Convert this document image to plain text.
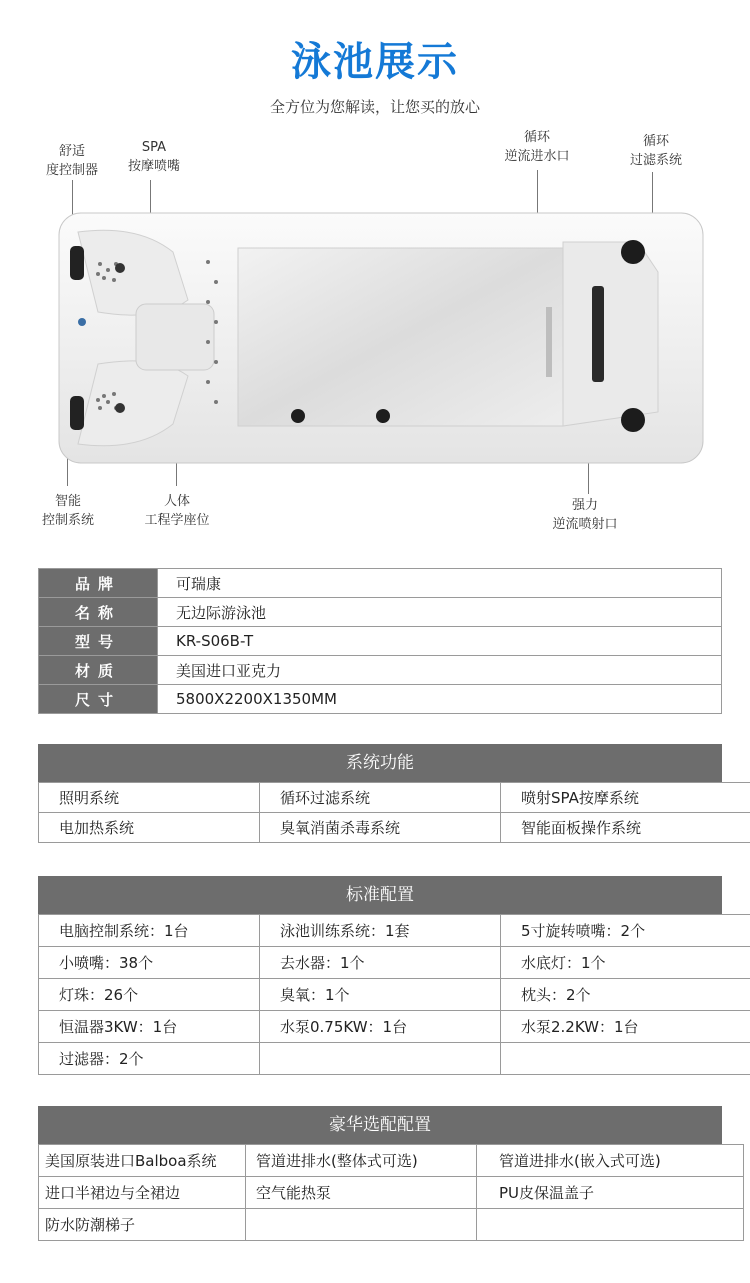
泳池展示
全方位为您解读，让您买的放心
舒适
度控制器
SPA
按摩喷嘴
循环
逆流进水口
循环
过滤系统
智能
控制系统
人体
工程学座位
强力
逆流喷射口
品牌	可瑞康
名称	无边际游泳池
型号	KR-S06B-T
材质	美国进口亚克力
尺寸	5800X2200X1350MM
系统功能
照明系统	循环过滤系统	喷射SPA按摩系统
电加热系统	臭氧消菌杀毒系统	智能面板操作系统
标准配置
电脑控制系统：1台	泳池训练系统：1套	5寸旋转喷嘴：2个
小喷嘴：38个	去水器：1个	水底灯：1个
灯珠：26个	臭氧：1个	枕头：2个
恒温器3KW：1台	水泵0.75KW：1台	水泵2.2KW：1台
过滤器：2个		
豪华选配配置
美国原装进口Balboa系统	管道进排水(整体式可选)	管道进排水(嵌入式可选)
进口半裙边与全裙边	空气能热泵	PU皮保温盖子
防水防潮梯子		
